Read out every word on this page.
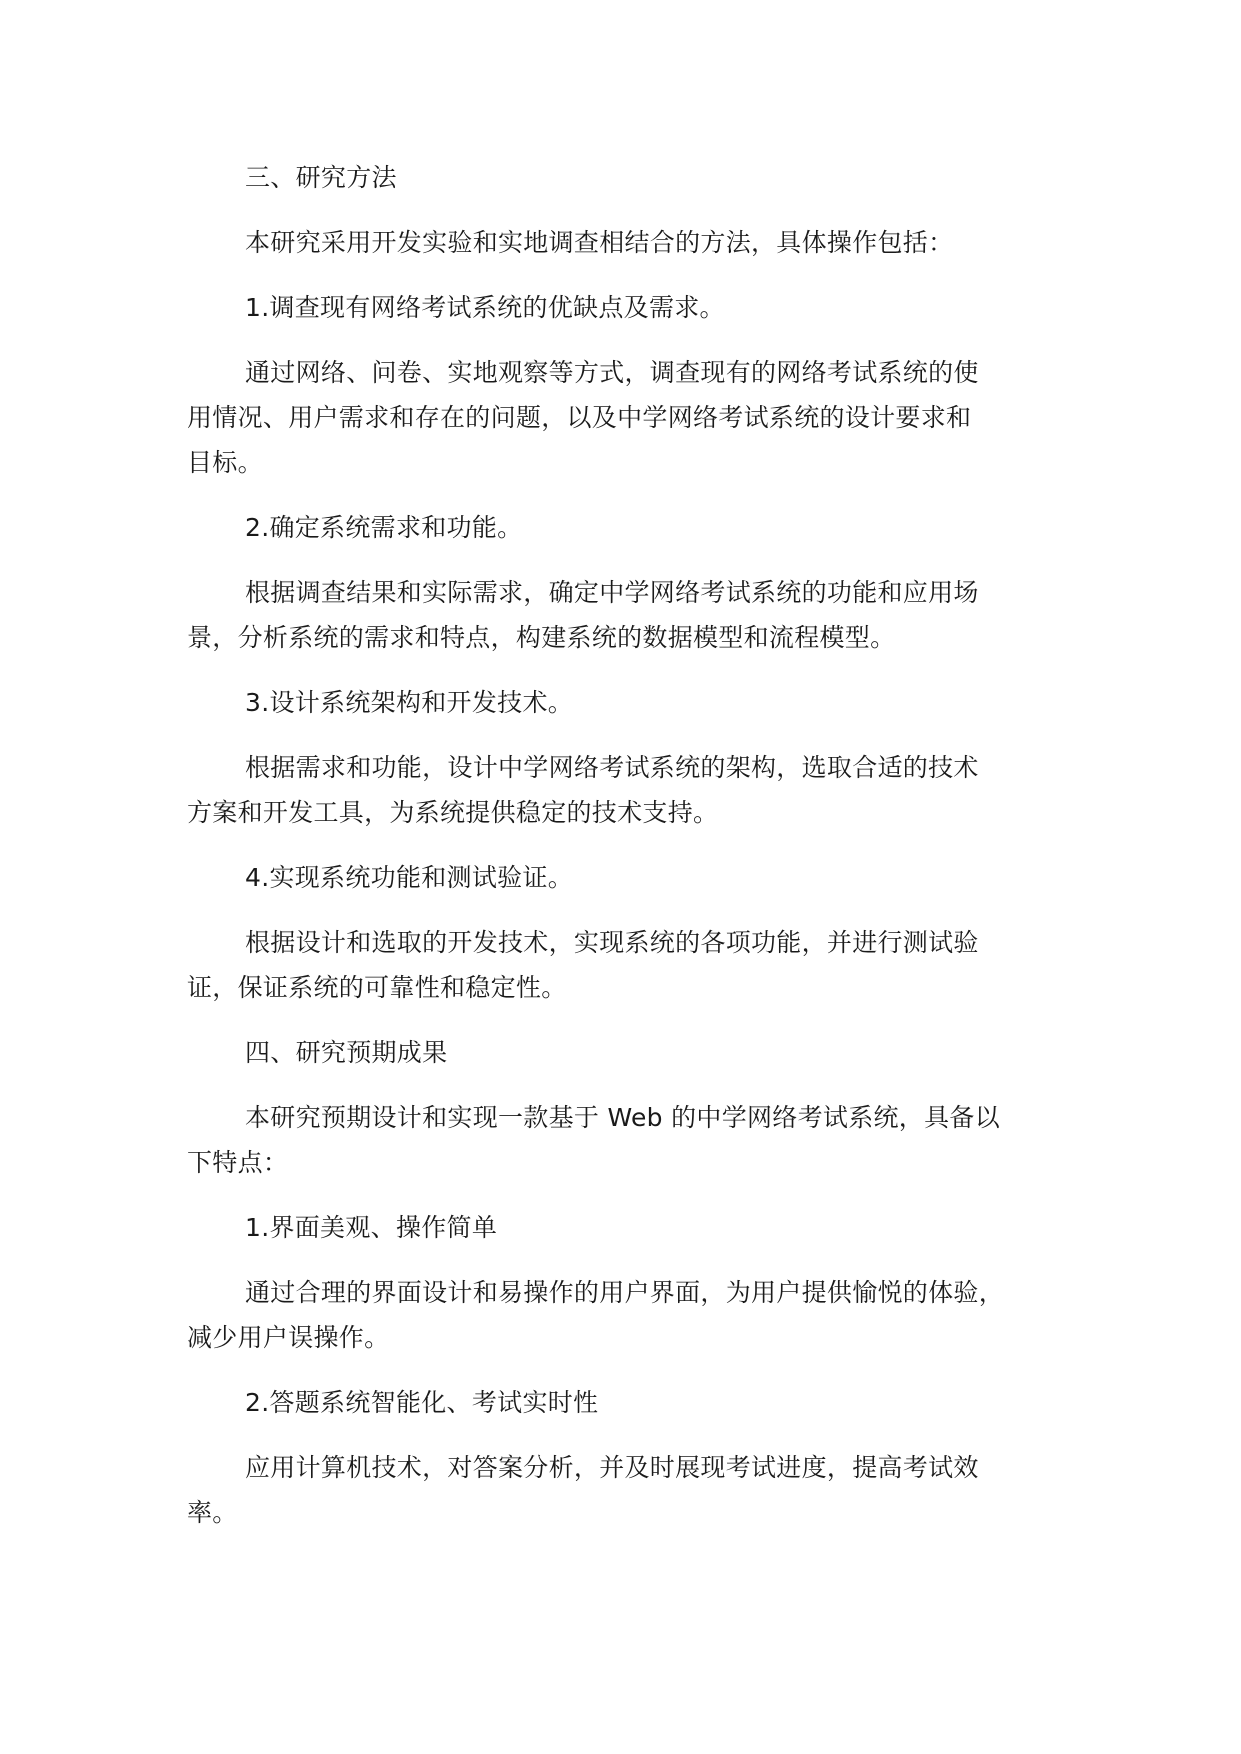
三、研究方法

本研究采用开发实验和实地调查相结合的方法，具体操作包括：

1.调查现有网络考试系统的优缺点及需求。

通过网络、问卷、实地观察等方式，调查现有的网络考试系统的使
用情况、用户需求和存在的问题，以及中学网络考试系统的设计要求和
目标。

2.确定系统需求和功能。

根据调查结果和实际需求，确定中学网络考试系统的功能和应用场
景，分析系统的需求和特点，构建系统的数据模型和流程模型。

3.设计系统架构和开发技术。

根据需求和功能，设计中学网络考试系统的架构，选取合适的技术
方案和开发工具，为系统提供稳定的技术支持。

4.实现系统功能和测试验证。

根据设计和选取的开发技术，实现系统的各项功能，并进行测试验
证，保证系统的可靠性和稳定性。

四、研究预期成果

本研究预期设计和实现一款基于 Web 的中学网络考试系统，具备以
下特点：

1.界面美观、操作简单

通过合理的界面设计和易操作的用户界面，为用户提供愉悦的体验，
减少用户误操作。

2.答题系统智能化、考试实时性

应用计算机技术，对答案分析，并及时展现考试进度，提高考试效
率。
